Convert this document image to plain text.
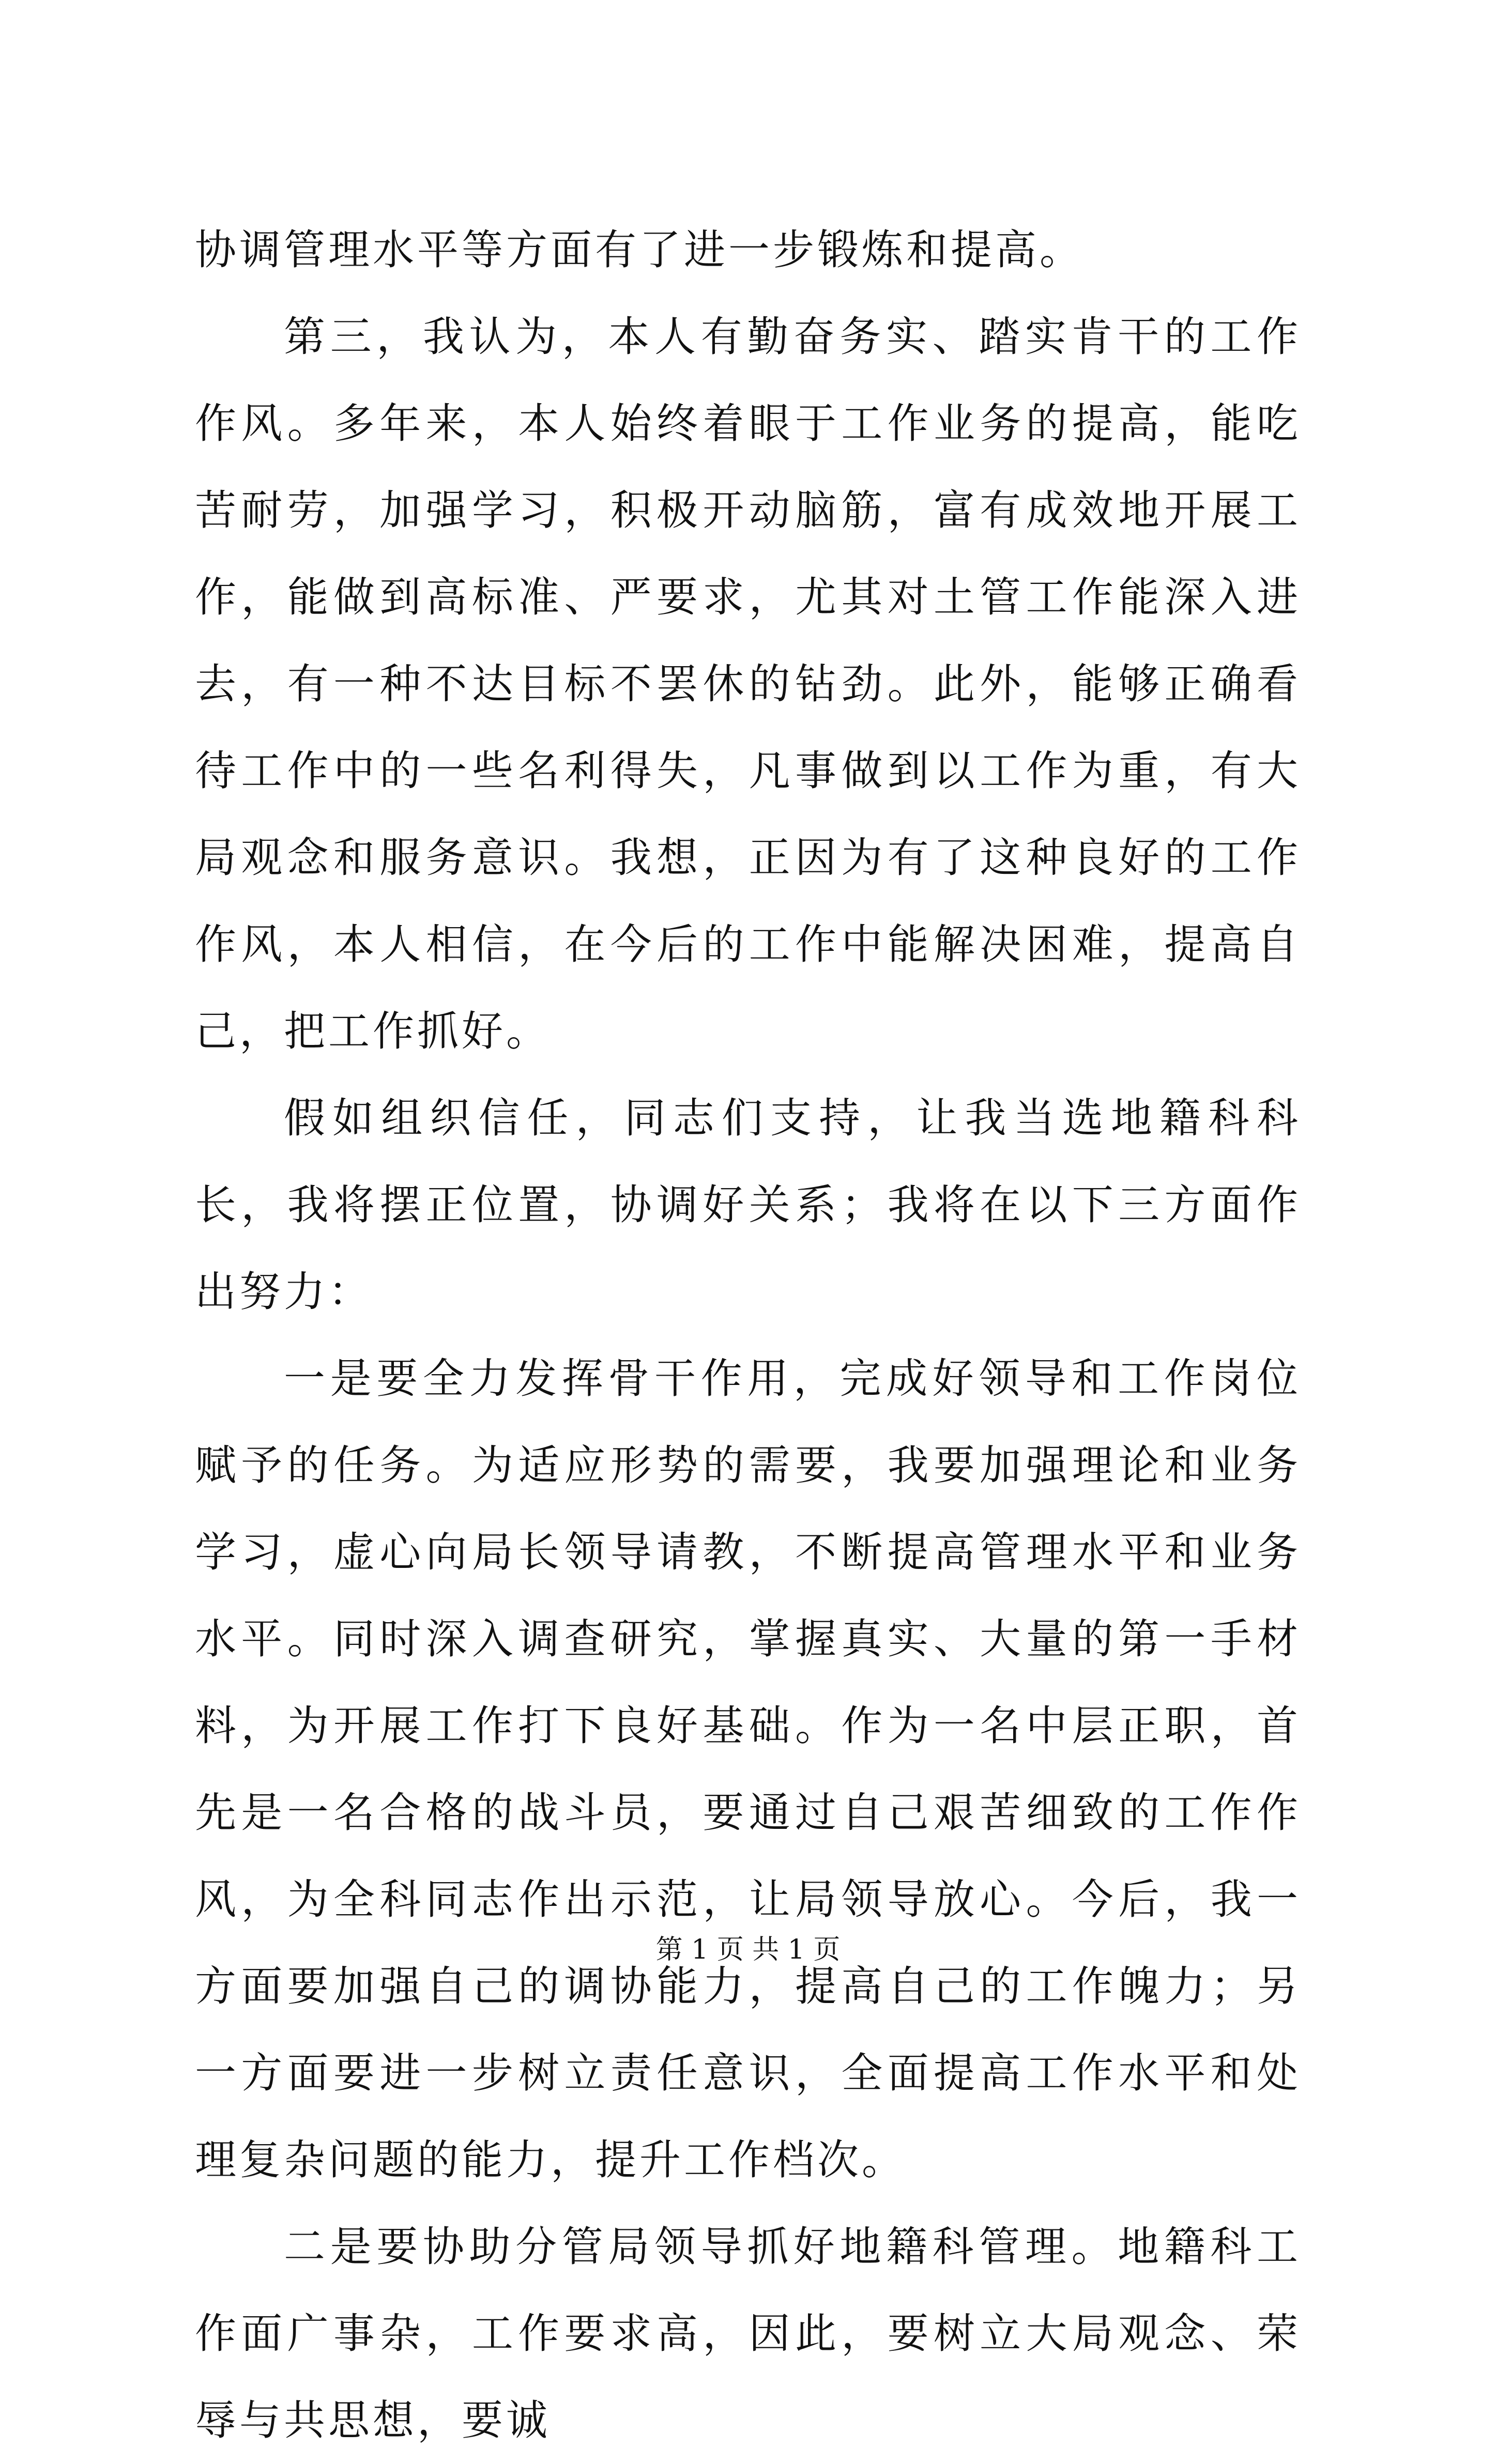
协调管理水平等方面有了进一步锻炼和提高。

第三，我认为，本人有勤奋务实、踏实肯干的工作作风。多年来，本人始终着眼于工作业务的提高，能吃苦耐劳，加强学习，积极开动脑筋，富有成效地开展工作，能做到高标准、严要求，尤其对土管工作能深入进去，有一种不达目标不罢休的钻劲。此外，能够正确看待工作中的一些名利得失，凡事做到以工作为重，有大局观念和服务意识。我想，正因为有了这种良好的工作作风，本人相信，在今后的工作中能解决困难，提高自己，把工作抓好。

假如组织信任，同志们支持，让我当选地籍科科长，我将摆正位置，协调好关系；我将在以下三方面作出努力：

一是要全力发挥骨干作用，完成好领导和工作岗位赋予的任务。为适应形势的需要，我要加强理论和业务学习，虚心向局长领导请教，不断提高管理水平和业务水平。同时深入调查研究，掌握真实、大量的第一手材料，为开展工作打下良好基础。作为一名中层正职，首先是一名合格的战斗员，要通过自己艰苦细致的工作作风，为全科同志作出示范，让局领导放心。今后，我一方面要加强自己的调协能力，提高自己的工作魄力；另一方面要进一步树立责任意识，全面提高工作水平和处理复杂问题的能力，提升工作档次。

二是要协助分管局领导抓好地籍科管理。地籍科工作面广事杂，工作要求高，因此，要树立大局观念、荣辱与共思想，要诚

第 1 页 共 1 页
